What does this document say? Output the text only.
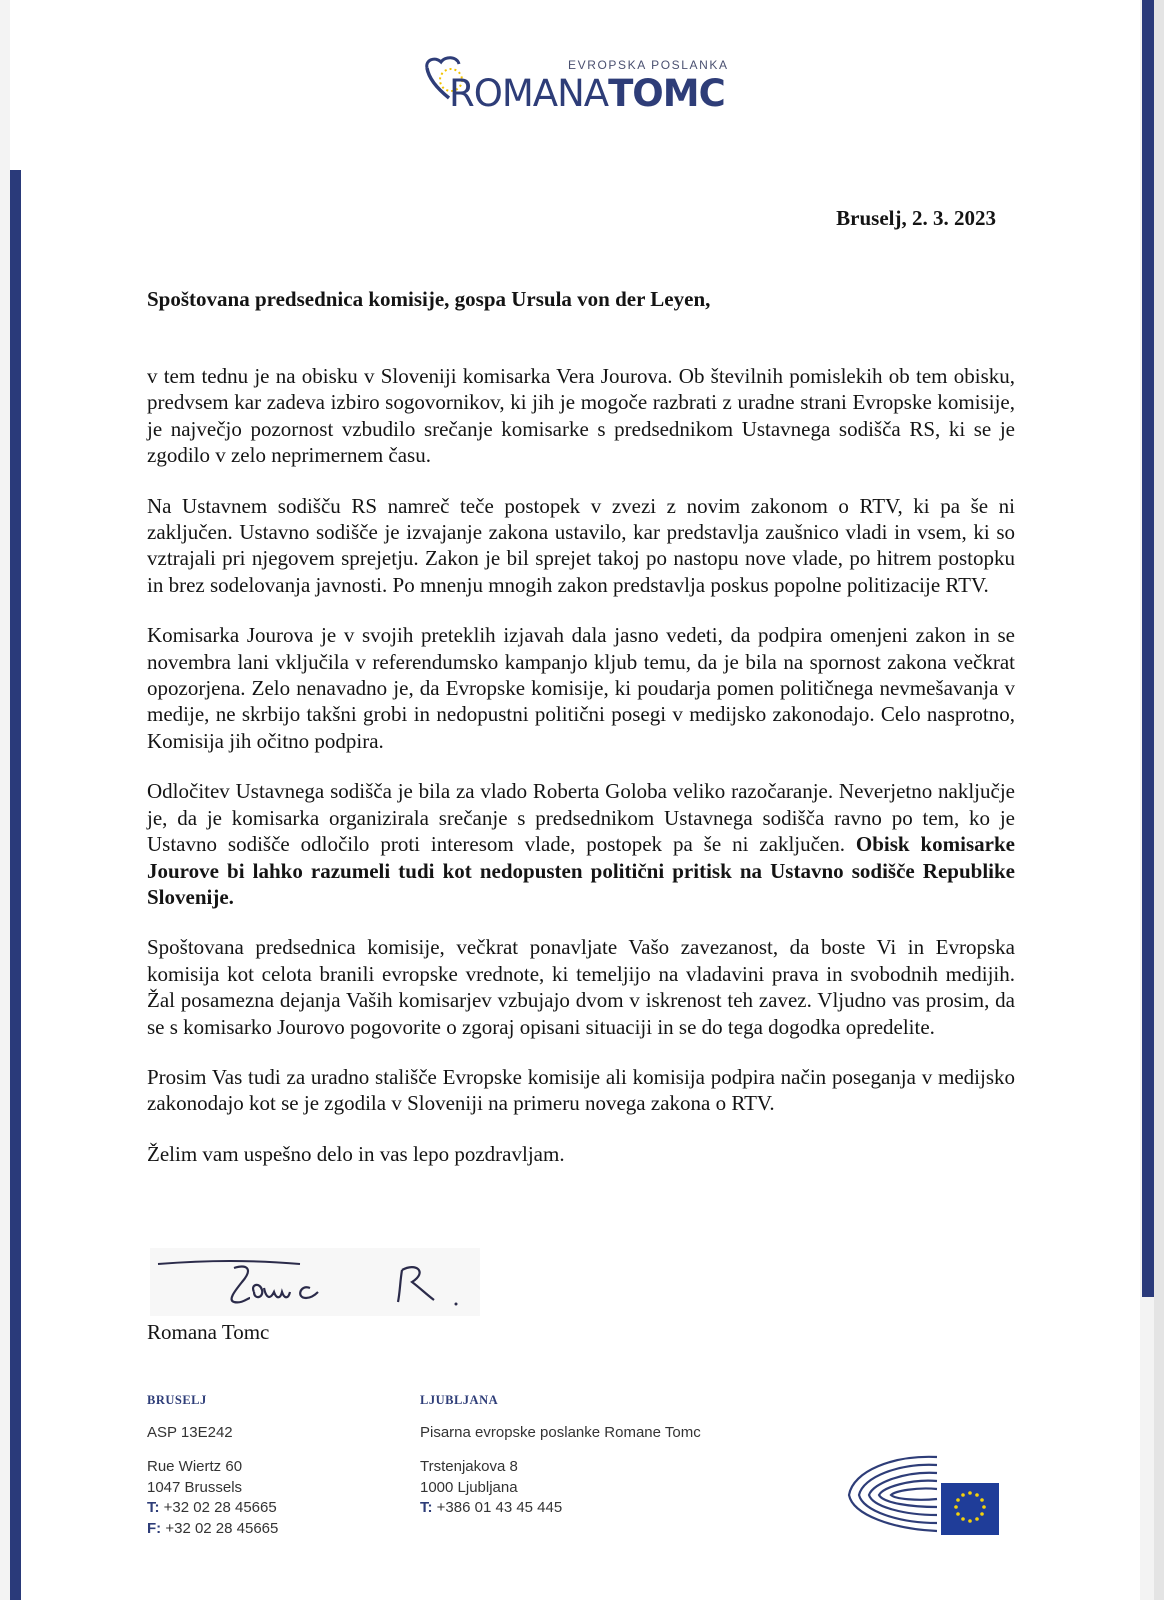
EVROPSKA POSLANKA
ROMANATOMC
Bruselj, 2. 3. 2023
Spoštovana predsednica komisije, gospa Ursula von der Leyen,

v tem tednu je na obisku v Sloveniji komisarka Vera Jourova. Ob številnih pomislekih ob tem obisku, predvsem kar zadeva izbiro sogovornikov, ki jih je mogoče razbrati z uradne strani Evropske komisije, je največjo pozornost vzbudilo srečanje komisarke s predsednikom Ustavnega sodišča RS, ki se je zgodilo v zelo neprimernem času.

Na Ustavnem sodišču RS namreč teče postopek v zvezi z novim zakonom o RTV, ki pa še ni zaključen. Ustavno sodišče je izvajanje zakona ustavilo, kar predstavlja zaušnico vladi in vsem, ki so vztrajali pri njegovem sprejetju. Zakon je bil sprejet takoj po nastopu nove vlade, po hitrem postopku in brez sodelovanja javnosti. Po mnenju mnogih zakon predstavlja poskus popolne politizacije RTV.

Komisarka Jourova je v svojih preteklih izjavah dala jasno vedeti, da podpira omenjeni zakon in se novembra lani vključila v referendumsko kampanjo kljub temu, da je bila na spornost zakona večkrat opozorjena. Zelo nenavadno je, da Evropske komisije, ki poudarja pomen političnega nevmešavanja v medije, ne skrbijo takšni grobi in nedopustni politični posegi v medijsko zakonodajo. Celo nasprotno, Komisija jih očitno podpira.

Odločitev Ustavnega sodišča je bila za vlado Roberta Goloba veliko razočaranje. Neverjetno naključje je, da je komisarka organizirala srečanje s predsednikom Ustavnega sodišča ravno po tem, ko je Ustavno sodišče odločilo proti interesom vlade, postopek pa še ni zaključen. Obisk komisarke Jourove bi lahko razumeli tudi kot nedopusten politični pritisk na Ustavno sodišče Republike Slovenije.

Spoštovana predsednica komisije, večkrat ponavljate Vašo zavezanost, da boste Vi in Evropska komisija kot celota branili evropske vrednote, ki temeljijo na vladavini prava in svobodnih medijih. Žal posamezna dejanja Vaših komisarjev vzbujajo dvom v iskrenost teh zavez. Vljudno vas prosim, da se s komisarko Jourovo pogovorite o zgoraj opisani situaciji in se do tega dogodka opredelite.

Prosim Vas tudi za uradno stališče Evropske komisije ali komisija podpira način poseganja v medijsko zakonodajo kot se je zgodila v Sloveniji na primeru novega zakona o RTV.

Želim vam uspešno delo in vas lepo pozdravljam.

Romana Tomc
BRUSELJ
ASP 13E242
Rue Wiertz 60
1047 Brussels
T: +32 02 28 45665
F: +32 02 28 45665
LJUBLJANA
Pisarna evropske poslanke Romane Tomc
Trstenjakova 8
1000 Ljubljana
T: +386 01 43 45 445
